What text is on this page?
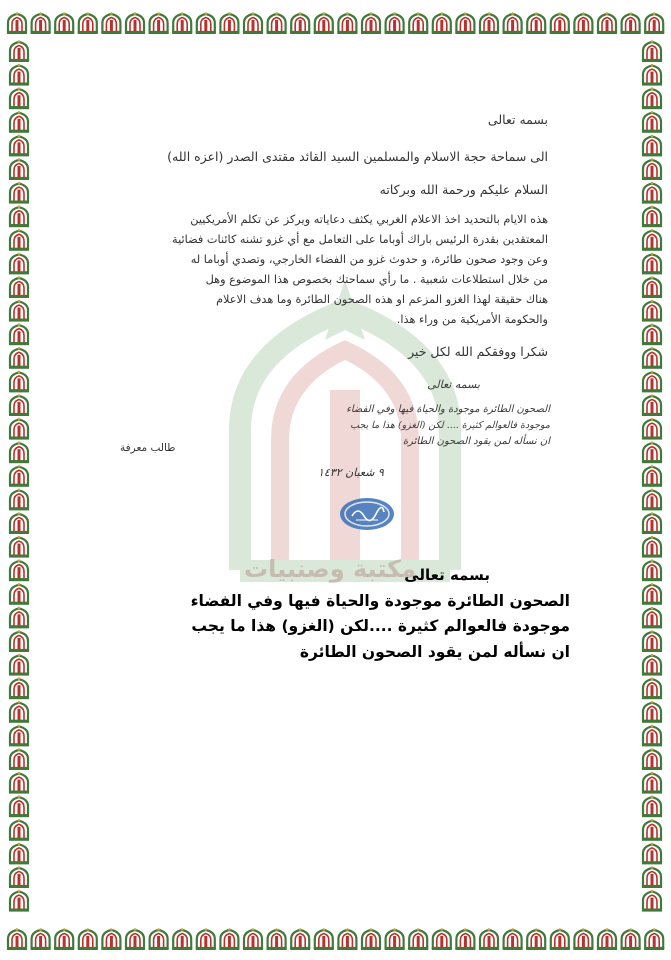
مكتبة وصنبيات

بسمه تعالى

الى سماحة حجة الاسلام والمسلمين السيد القائد مقتدى الصدر (اعزه الله)

السلام عليكم ورحمة الله وبركاته

هذه الايام بالتحديد اخذ الاعلام الغربي يكثف دعاياته ويركز عن تكلم الأمريكيين
المعتقدين بقدرة الرئيس باراك أوباما على التعامل مع أي غزو تشنه كائنات فضائية
وعن وجود صحون طائرة، و حدوث غزو من الفضاء الخارجي، وتصدي أوباما له
من خلال استطلاعات شعبية . ما رأي سماحتك بخصوص هذا الموضوع وهل
هناك حقيقة لهذا الغزو المزعم او هذه الصحون الطائرة وما هدف الاعلام
والحكومة الأمريكية من وراء هذا.

شكرا ووفقكم الله لكل خير

طالب معرفة
بسمه تعالى
الصحون الطائرة موجودة والحياة فيها وفي الفضاء
موجودة فالعوالم كثيرة .... لكن (الغزو) هذا ما يجب
ان نسأله لمن يقود الصحون الطائرة
٩ شعبان ١٤٣٢
بسمه تعالى
الصحون الطائرة موجودة والحياة فيها وفي الفضاء
موجودة فالعوالم كثيرة ....لكن (الغزو) هذا ما يجب
ان نسأله لمن يقود الصحون الطائرة
